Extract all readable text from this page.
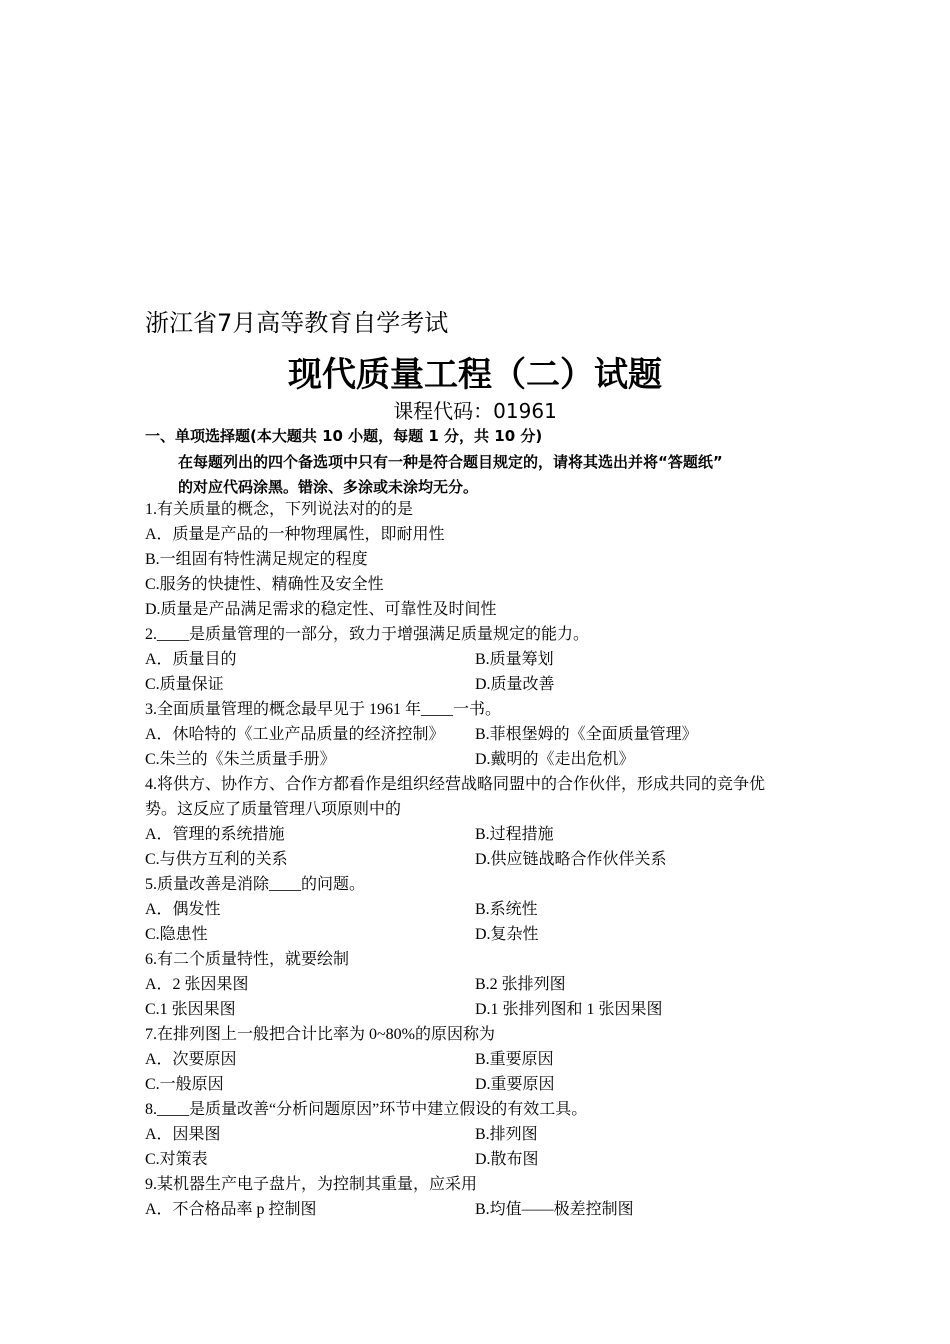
浙江省7月高等教育自学考试
现代质量工程（二）试题
课程代码：01961
一、单项选择题(本大题共 10 小题，每题 1 分，共 10 分)
在每题列出的四个备选项中只有一种是符合题目规定的，请将其选出并将“答题纸”
的对应代码涂黑。错涂、多涂或未涂均无分。
1.有关质量的概念，下列说法对的的是
A．质量是产品的一种物理属性，即耐用性
B.一组固有特性满足规定的程度
C.服务的快捷性、精确性及安全性
D.质量是产品满足需求的稳定性、可靠性及时间性
2.____是质量管理的一部分，致力于增强满足质量规定的能力。
A．质量目的	B.质量筹划
C.质量保证	D.质量改善
3.全面质量管理的概念最早见于 1961 年____一书。
A．休哈特的《工业产品质量的经济控制》 B.菲根堡姆的《全面质量管理》
C.朱兰的《朱兰质量手册》	D.戴明的《走出危机》
4.将供方、协作方、合作方都看作是组织经营战略同盟中的合作伙伴，形成共同的竞争优
势。这反应了质量管理八项原则中的
A．管理的系统措施	B.过程措施
C.与供方互利的关系	D.供应链战略合作伙伴关系
5.质量改善是消除____的问题。
A．偶发性	B.系统性
C.隐患性	D.复杂性
6.有二个质量特性，就要绘制
A．2 张因果图	B.2 张排列图
C.1 张因果图	D.1 张排列图和 1 张因果图
7.在排列图上一般把合计比率为 0~80%的原因称为
A．次要原因	B.重要原因
C.一般原因	D.重要原因
8.____是质量改善“分析问题原因”环节中建立假设的有效工具。
A．因果图	B.排列图
C.对策表	D.散布图
9.某机器生产电子盘片，为控制其重量，应采用
A．不合格品率 p 控制图	B.均值——极差控制图
